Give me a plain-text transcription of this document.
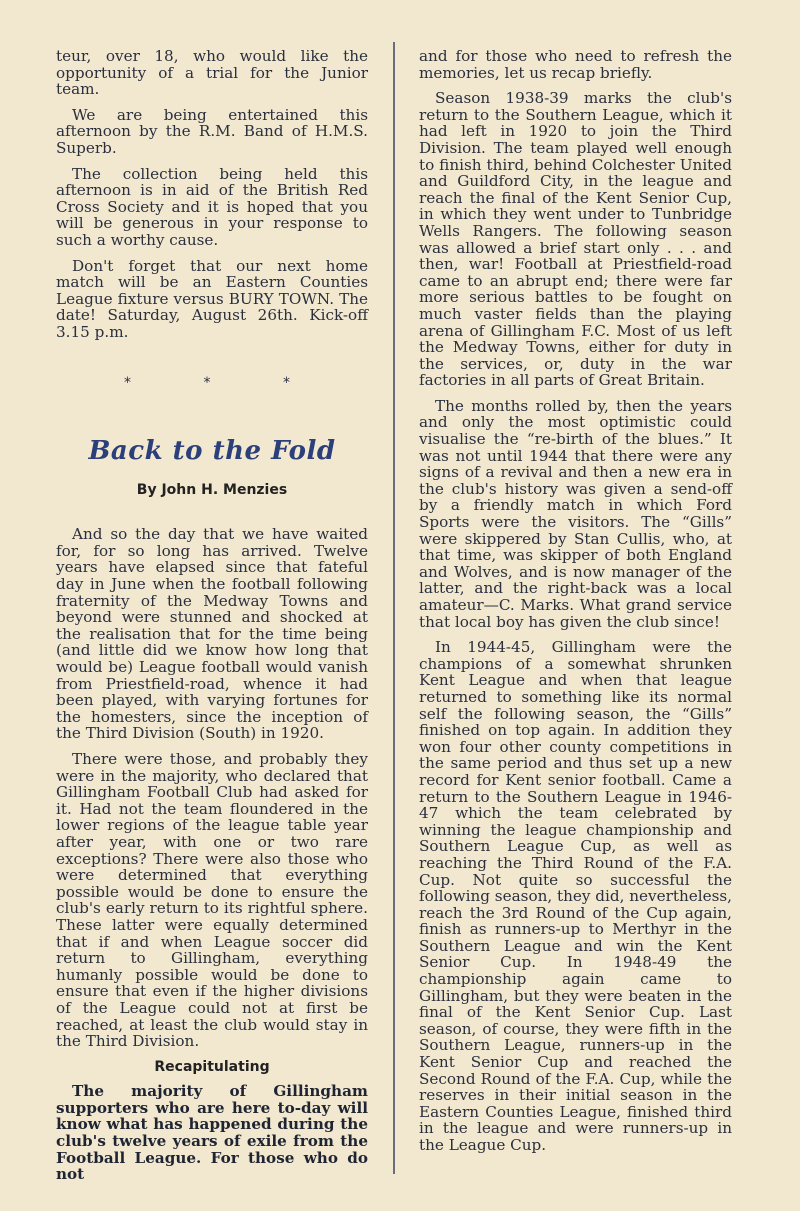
teur, over 18, who would like the opportunity of a trial for the Junior team.

We are being entertained this afternoon by the R.M. Band of H.M.S. Superb.

The collection being held this afternoon is in aid of the British Red Cross Society and it is hoped that you will be generous in your response to such a worthy cause.

Don't forget that our next home match will be an Eastern Counties League fixture versus BURY TOWN. The date! Saturday, August 26th. Kick-off 3.15 p.m.

*	*	*
Back to the Fold
By John H. Menzies

And so the day that we have waited for, for so long has arrived. Twelve years have elapsed since that fateful day in June when the football following fraternity of the Medway Towns and beyond were stunned and shocked at the realisation that for the time being (and little did we know how long that would be) League football would vanish from Priestfield-road, whence it had been played, with varying fortunes for the homesters, since the inception of the Third Division (South) in 1920.

There were those, and probably they were in the majority, who declared that Gillingham Football Club had asked for it. Had not the team floundered in the lower regions of the league table year after year, with one or two rare exceptions? There were also those who were determined that everything possible would be done to ensure the club's early return to its rightful sphere. These latter were equally determined that if and when League soccer did return to Gillingham, everything humanly possible would be done to ensure that even if the higher divisions of the League could not at first be reached, at least the club would stay in the Third Division.

Recapitulating

The majority of Gillingham supporters who are here to-day will know what has happened during the club's twelve years of exile from the Football League. For those who do not

and for those who need to refresh the memories, let us recap briefly.

Season 1938-39 marks the club's return to the Southern League, which it had left in 1920 to join the Third Division. The team played well enough to finish third, behind Colchester United and Guildford City, in the league and reach the final of the Kent Senior Cup, in which they went under to Tunbridge Wells Rangers. The following season was allowed a brief start only . . . and then, war! Football at Priestfield-road came to an abrupt end; there were far more serious battles to be fought on much vaster fields than the playing arena of Gillingham F.C. Most of us left the Medway Towns, either for duty in the services, or, duty in the war factories in all parts of Great Britain.

The months rolled by, then the years and only the most optimistic could visualise the “re-birth of the blues.” It was not until 1944 that there were any signs of a revival and then a new era in the club's history was given a send-off by a friendly match in which Ford Sports were the visitors. The “Gills” were skippered by Stan Cullis, who, at that time, was skipper of both England and Wolves, and is now manager of the latter, and the right-back was a local amateur—C. Marks. What grand service that local boy has given the club since!

In 1944-45, Gillingham were the champions of a somewhat shrunken Kent League and when that league returned to something like its normal self the following season, the “Gills” finished on top again. In addition they won four other county competitions in the same period and thus set up a new record for Kent senior football. Came a return to the Southern League in 1946-47 which the team celebrated by winning the league championship and Southern League Cup, as well as reaching the Third Round of the F.A. Cup. Not quite so successful the following season, they did, nevertheless, reach the 3rd Round of the Cup again, finish as runners-up to Merthyr in the Southern League and win the Kent Senior Cup. In 1948-49 the championship again came to Gillingham, but they were beaten in the final of the Kent Senior Cup. Last season, of course, they were fifth in the Southern League, runners-up in the Kent Senior Cup and reached the Second Round of the F.A. Cup, while the reserves in their initial season in the Eastern Counties League, finished third in the league and were runners-up in the League Cup.
